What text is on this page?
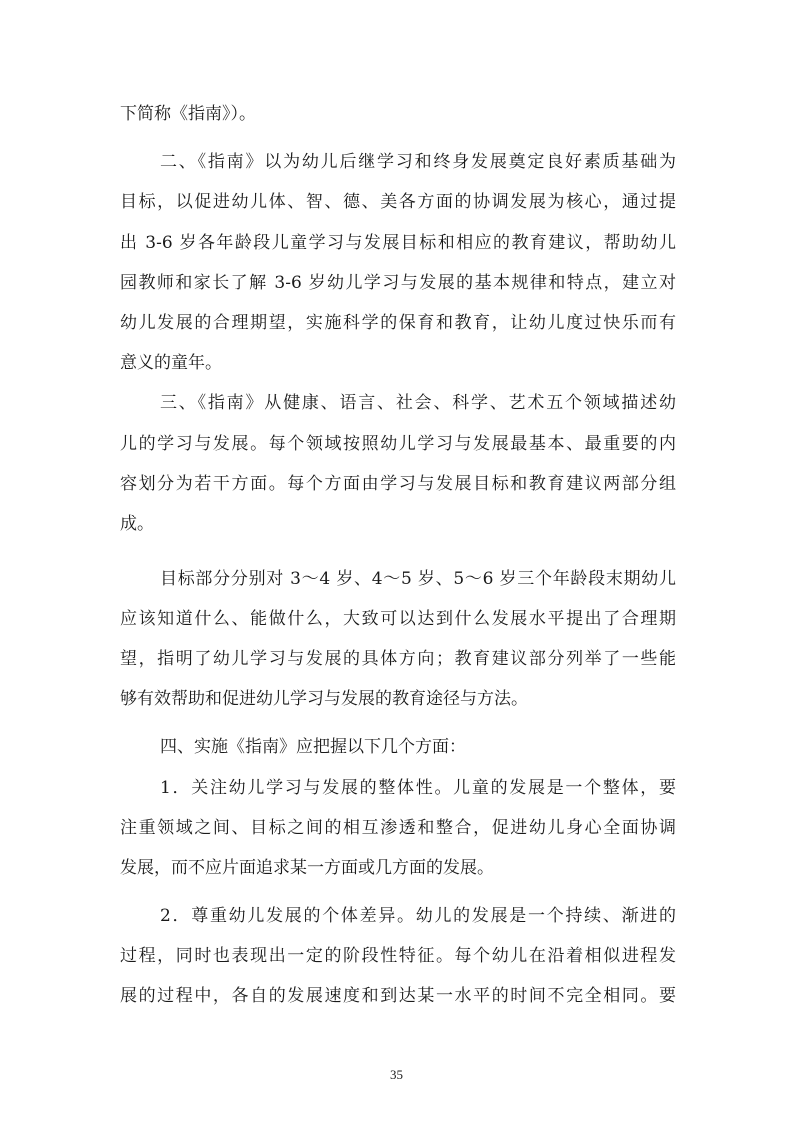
下简称《指南》）。
二、《指南》以为幼儿后继学习和终身发展奠定良好素质基础为
目标，以促进幼儿体、智、德、美各方面的协调发展为核心，通过提
出 3-6 岁各年龄段儿童学习与发展目标和相应的教育建议，帮助幼儿
园教师和家长了解 3-6 岁幼儿学习与发展的基本规律和特点，建立对
幼儿发展的合理期望，实施科学的保育和教育，让幼儿度过快乐而有
意义的童年。
三、《指南》从健康、语言、社会、科学、艺术五个领域描述幼
儿的学习与发展。每个领域按照幼儿学习与发展最基本、最重要的内
容划分为若干方面。每个方面由学习与发展目标和教育建议两部分组
成。
目标部分分别对 3～4 岁、4～5 岁、5～6 岁三个年龄段末期幼儿
应该知道什么、能做什么，大致可以达到什么发展水平提出了合理期
望，指明了幼儿学习与发展的具体方向；教育建议部分列举了一些能
够有效帮助和促进幼儿学习与发展的教育途径与方法。
四、实施《指南》应把握以下几个方面：
1．关注幼儿学习与发展的整体性。儿童的发展是一个整体，要
注重领域之间、目标之间的相互渗透和整合，促进幼儿身心全面协调
发展，而不应片面追求某一方面或几方面的发展。
2．尊重幼儿发展的个体差异。幼儿的发展是一个持续、渐进的
过程，同时也表现出一定的阶段性特征。每个幼儿在沿着相似进程发
展的过程中，各自的发展速度和到达某一水平的时间不完全相同。要
35
